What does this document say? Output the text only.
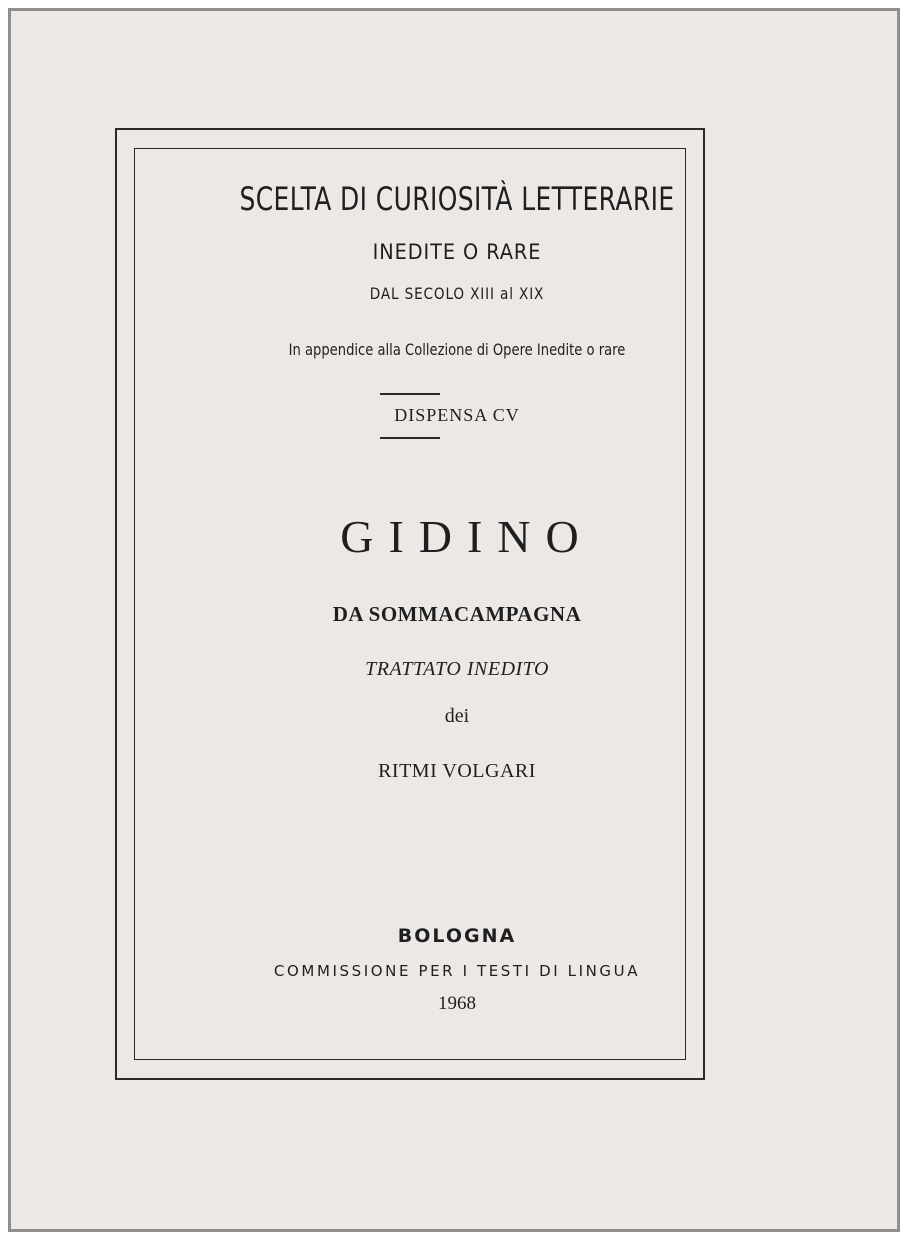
SCELTA DI CURIOSITÀ LETTERARIE
INEDITE O RARE
DAL SECOLO XIII al XIX
In appendice alla Collezione di Opere Inedite o rare
DISPENSA CV
GIDINO
DA SOMMACAMPAGNA
TRATTATO INEDITO
dei
RITMI VOLGARI
BOLOGNA
COMMISSIONE PER I TESTI DI LINGUA
1968
